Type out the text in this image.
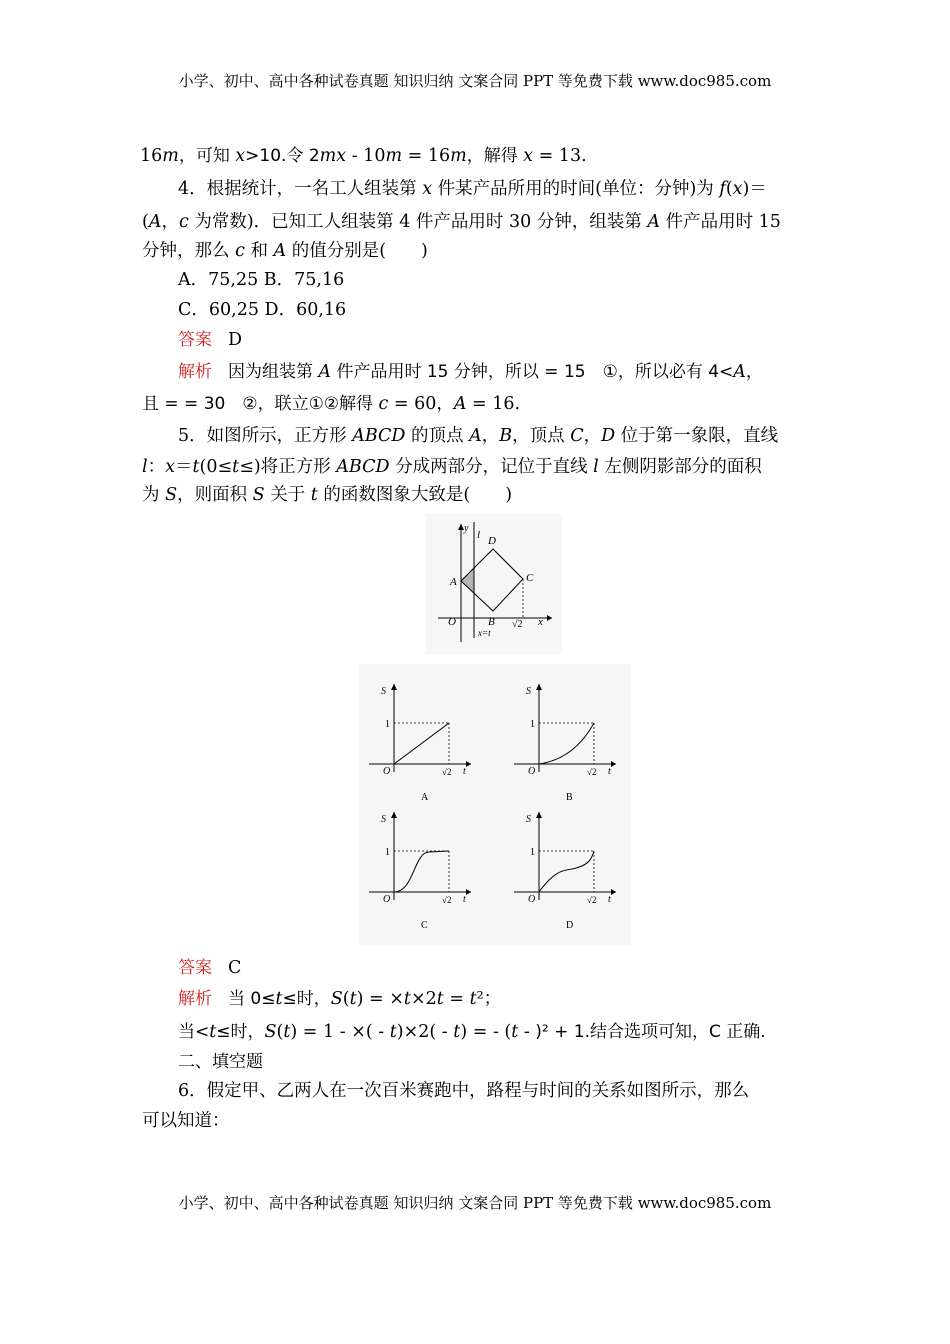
小学、初中、高中各种试卷真题 知识归纳 文案合同 PPT 等免费下载 www.doc985.com
16m，可知 x>10.令 2mx - 10m = 16m，解得 x = 13.
4．根据统计，一名工人组装第 x 件某产品所用的时间(单位：分钟)为 f(x)＝
(A，c 为常数)．已知工人组装第 4 件产品用时 30 分钟，组装第 A 件产品用时 15
分钟，那么 c 和 A 的值分别是(　　)
A．75,25 B．75,16
C．60,25 D．60,16
答案 D
解析 因为组装第 A 件产品用时 15 分钟，所以 = 15　①，所以必有 4<A，
且 = = 30　②，联立①②解得 c = 60，A = 16.
5．如图所示，正方形 ABCD 的顶点 A，B，顶点 C，D 位于第一象限，直线
l：x＝t(0≤t≤)将正方形 ABCD 分成两部分，记位于直线 l 左侧阴影部分的面积
为 S，则面积 S 关于 t 的函数图象大致是(　　)
y
l D
A	C
O	B √2 x
x=t
S
1
O	√2 t
A
S
1
O	√2 t
B
S
1
O	√2 t
C
S
1
O	√2 t
D
答案 C
解析 当 0≤t≤时，S(t) = ×t×2t = t²；
当<t≤时，S(t) = 1 - ×( - t)×2( - t) = - (t - )² + 1.结合选项可知，C 正确.
二、填空题
6．假定甲、乙两人在一次百米赛跑中，路程与时间的关系如图所示，那么
可以知道：
小学、初中、高中各种试卷真题 知识归纳 文案合同 PPT 等免费下载 www.doc985.com
